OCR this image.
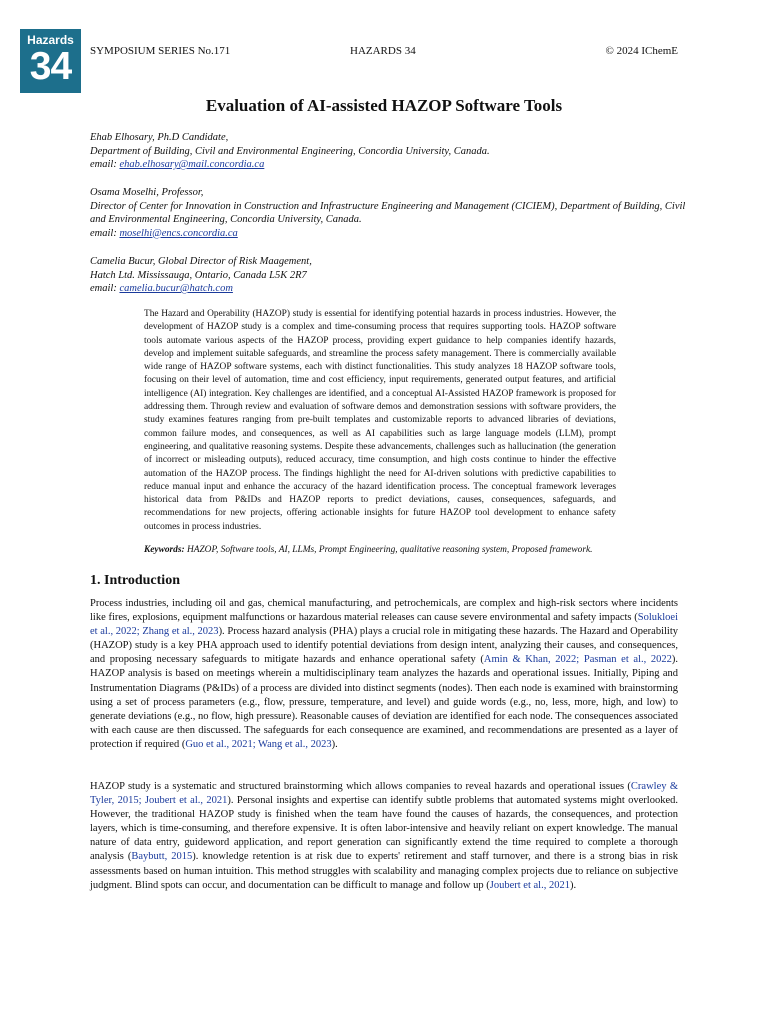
Hazards
34	SYMPOSIUM SERIES No.171	HAZARDS 34	© 2024 IChemE
Evaluation of AI-assisted HAZOP Software Tools

Ehab Elhosary, Ph.D Candidate,

Department of Building, Civil and Environmental Engineering, Concordia University, Canada.

email: ehab.elhosary@mail.concordia.ca

Osama Moselhi, Professor,

Director of Center for Innovation in Construction and Infrastructure Engineering and Management (CICIEM), Department of Building, Civil and Environmental Engineering, Concordia University, Canada.

email: moselhi@encs.concordia.ca

Camelia Bucur, Global Director of Risk Maagement,

Hatch Ltd. Mississauga, Ontario, Canada L5K 2R7

email: camelia.bucur@hatch.com

The Hazard and Operability (HAZOP) study is essential for identifying potential hazards in process industries. However, the development of HAZOP study is a complex and time-consuming process that requires supporting tools. HAZOP software tools automate various aspects of the HAZOP process, providing expert guidance to help companies identify hazards, develop and implement suitable safeguards, and streamline the process safety management. There is commercially available wide range of HAZOP software systems, each with distinct functionalities. This study analyzes 18 HAZOP software tools, focusing on their level of automation, time and cost efficiency, input requirements, generated output features, and artificial intelligence (AI) integration. Key challenges are identified, and a conceptual AI-Assisted HAZOP framework is proposed for addressing them. Through review and evaluation of software demos and demonstration sessions with software providers, the study examines features ranging from pre-built templates and customizable reports to advanced libraries of deviations, common failure modes, and consequences, as well as AI capabilities such as large language models (LLM), prompt engineering, and qualitative reasoning systems. Despite these advancements, challenges such as hallucination (the generation of incorrect or misleading outputs), reduced accuracy, time consumption, and high costs continue to hinder the effective automation of the HAZOP process. The findings highlight the need for AI-driven solutions with predictive capabilities to reduce manual input and enhance the accuracy of the hazard identification process. The conceptual framework leverages historical data from P&IDs and HAZOP reports to predict deviations, causes, consequences, safeguards, and recommendations for new projects, offering actionable insights for future HAZOP tool development to enhance safety outcomes in process industries.

Keywords: HAZOP, Software tools, AI, LLMs, Prompt Engineering, qualitative reasoning system, Proposed framework.

1. Introduction

Process industries, including oil and gas, chemical manufacturing, and petrochemicals, are complex and high-risk sectors where incidents like fires, explosions, equipment malfunctions or hazardous material releases can cause severe environmental and safety impacts (Solukloei et al., 2022; Zhang et al., 2023). Process hazard analysis (PHA) plays a crucial role in mitigating these hazards. The Hazard and Operability (HAZOP) study is a key PHA approach used to identify potential deviations from design intent, analyzing their causes, and consequences, and proposing necessary safeguards to mitigate hazards and enhance operational safety (Amin & Khan, 2022; Pasman et al., 2022). HAZOP analysis is based on meetings wherein a multidisciplinary team analyzes the hazards and operational issues. Initially, Piping and Instrumentation Diagrams (P&IDs) of a process are divided into distinct segments (nodes). Then each node is examined with brainstorming using a set of process parameters (e.g., flow, pressure, temperature, and level) and guide words (e.g., no, less, more, high, and low) to generate deviations (e.g., no flow, high pressure). Reasonable causes of deviation are identified for each node. The consequences associated with each cause are then discussed. The safeguards for each consequence are examined, and recommendations are presented as a layer of protection if required (Guo et al., 2021; Wang et al., 2023).

HAZOP study is a systematic and structured brainstorming which allows companies to reveal hazards and operational issues (Crawley & Tyler, 2015; Joubert et al., 2021). Personal insights and expertise can identify subtle problems that automated systems might overlooked. However, the traditional HAZOP study is finished when the team have found the causes of hazards, the consequences, and protection layers, which is time-consuming, and therefore expensive. It is often labor-intensive and heavily reliant on expert knowledge. The manual nature of data entry, guideword application, and report generation can significantly extend the time required to complete a thorough analysis (Baybutt, 2015). knowledge retention is at risk due to experts' retirement and staff turnover, and there is a strong bias in risk assessments based on human intuition. This method struggles with scalability and managing complex projects due to reliance on subjective judgment. Blind spots can occur, and documentation can be difficult to manage and follow up (Joubert et al., 2021).
